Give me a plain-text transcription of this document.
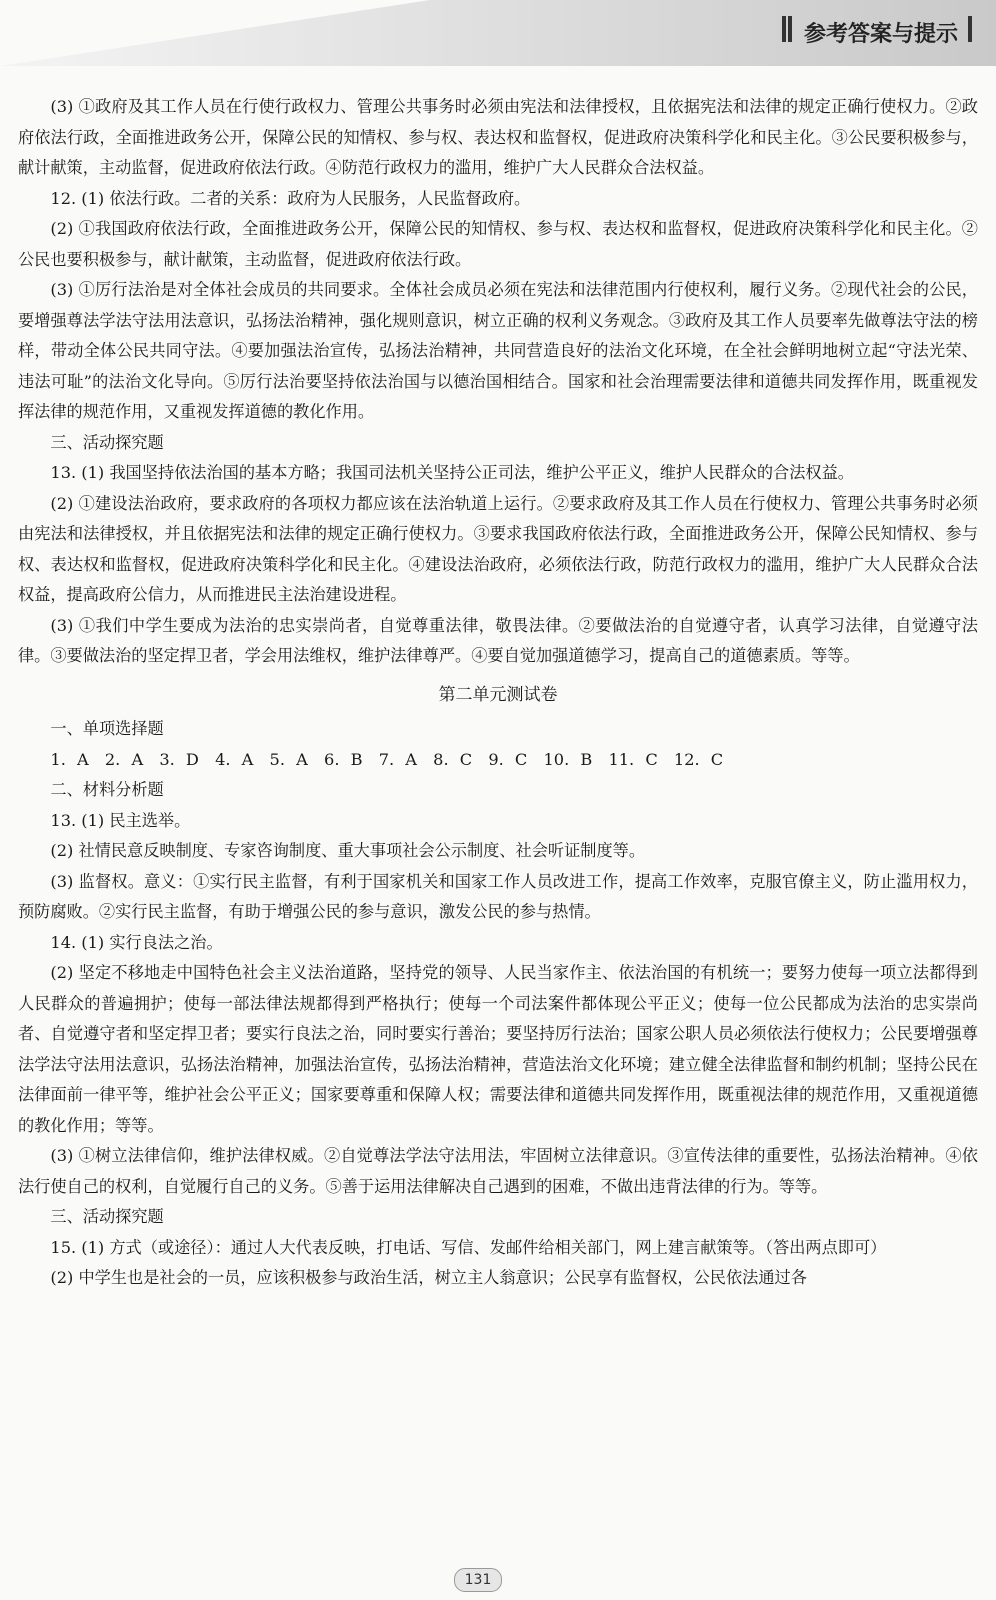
参考答案与提示

(3) ①政府及其工作人员在行使行政权力、管理公共事务时必须由宪法和法律授权，且依据宪法和法律的规定正确行使权力。②政府依法行政，全面推进政务公开，保障公民的知情权、参与权、表达权和监督权，促进政府决策科学化和民主化。③公民要积极参与，献计献策，主动监督，促进政府依法行政。④防范行政权力的滥用，维护广大人民群众合法权益。

12. (1) 依法行政。二者的关系：政府为人民服务，人民监督政府。

(2) ①我国政府依法行政，全面推进政务公开，保障公民的知情权、参与权、表达权和监督权，促进政府决策科学化和民主化。②公民也要积极参与，献计献策，主动监督，促进政府依法行政。

(3) ①厉行法治是对全体社会成员的共同要求。全体社会成员必须在宪法和法律范围内行使权利，履行义务。②现代社会的公民，要增强尊法学法守法用法意识，弘扬法治精神，强化规则意识，树立正确的权利义务观念。③政府及其工作人员要率先做尊法守法的榜样，带动全体公民共同守法。④要加强法治宣传，弘扬法治精神，共同营造良好的法治文化环境，在全社会鲜明地树立起“守法光荣、违法可耻”的法治文化导向。⑤厉行法治要坚持依法治国与以德治国相结合。国家和社会治理需要法律和道德共同发挥作用，既重视发挥法律的规范作用，又重视发挥道德的教化作用。

三、活动探究题

13. (1) 我国坚持依法治国的基本方略；我国司法机关坚持公正司法，维护公平正义，维护人民群众的合法权益。

(2) ①建设法治政府，要求政府的各项权力都应该在法治轨道上运行。②要求政府及其工作人员在行使权力、管理公共事务时必须由宪法和法律授权，并且依据宪法和法律的规定正确行使权力。③要求我国政府依法行政，全面推进政务公开，保障公民知情权、参与权、表达权和监督权，促进政府决策科学化和民主化。④建设法治政府，必须依法行政，防范行政权力的滥用，维护广大人民群众合法权益，提高政府公信力，从而推进民主法治建设进程。

(3) ①我们中学生要成为法治的忠实崇尚者，自觉尊重法律，敬畏法律。②要做法治的自觉遵守者，认真学习法律，自觉遵守法律。③要做法治的坚定捍卫者，学会用法维权，维护法律尊严。④要自觉加强道德学习，提高自己的道德素质。等等。

第二单元测试卷

一、单项选择题

1. A　2. A　3. D　4. A　5. A　6. B　7. A　8. C　9. C　10. B　11. C　12. C

二、材料分析题

13. (1) 民主选举。

(2) 社情民意反映制度、专家咨询制度、重大事项社会公示制度、社会听证制度等。

(3) 监督权。意义：①实行民主监督，有利于国家机关和国家工作人员改进工作，提高工作效率，克服官僚主义，防止滥用权力，预防腐败。②实行民主监督，有助于增强公民的参与意识，激发公民的参与热情。

14. (1) 实行良法之治。

(2) 坚定不移地走中国特色社会主义法治道路，坚持党的领导、人民当家作主、依法治国的有机统一；要努力使每一项立法都得到人民群众的普遍拥护；使每一部法律法规都得到严格执行；使每一个司法案件都体现公平正义；使每一位公民都成为法治的忠实崇尚者、自觉遵守者和坚定捍卫者；要实行良法之治，同时要实行善治；要坚持厉行法治；国家公职人员必须依法行使权力；公民要增强尊法学法守法用法意识，弘扬法治精神，加强法治宣传，弘扬法治精神，营造法治文化环境；建立健全法律监督和制约机制；坚持公民在法律面前一律平等，维护社会公平正义；国家要尊重和保障人权；需要法律和道德共同发挥作用，既重视法律的规范作用，又重视道德的教化作用；等等。

(3) ①树立法律信仰，维护法律权威。②自觉尊法学法守法用法，牢固树立法律意识。③宣传法律的重要性，弘扬法治精神。④依法行使自己的权利，自觉履行自己的义务。⑤善于运用法律解决自己遇到的困难，不做出违背法律的行为。等等。

三、活动探究题

15. (1) 方式（或途径）：通过人大代表反映，打电话、写信、发邮件给相关部门，网上建言献策等。（答出两点即可）

(2) 中学生也是社会的一员，应该积极参与政治生活，树立主人翁意识；公民享有监督权，公民依法通过各

131
